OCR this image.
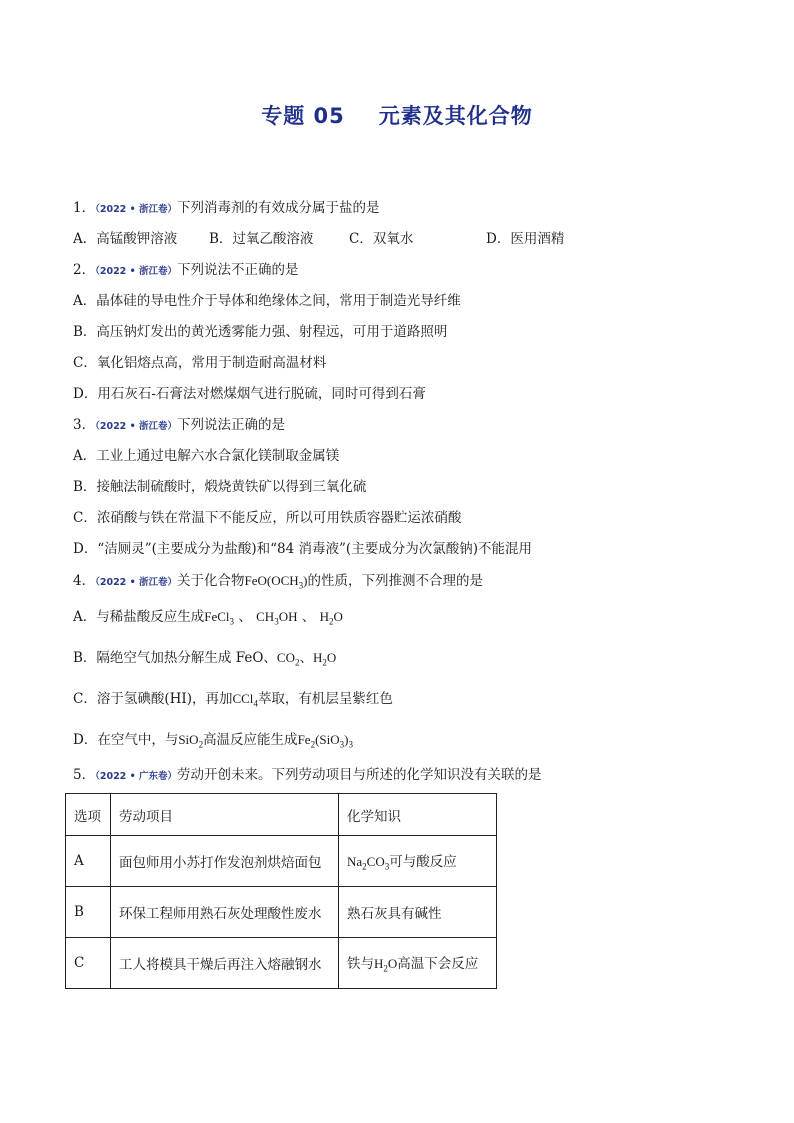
专题 05 元素及其化合物
1．（2022 • 浙江卷）下列消毒剂的有效成分属于盐的是
A．高锰酸钾溶液 B．过氧乙酸溶液	C．双氧水	D．医用酒精
2．（2022 • 浙江卷）下列说法不正确的是
A．晶体硅的导电性介于导体和绝缘体之间，常用于制造光导纤维
B．高压钠灯发出的黄光透雾能力强、射程远，可用于道路照明
C．氧化铝熔点高，常用于制造耐高温材料
D．用石灰石-石膏法对燃煤烟气进行脱硫，同时可得到石膏
3．（2022 • 浙江卷）下列说法正确的是
A．工业上通过电解六水合氯化镁制取金属镁
B．接触法制硫酸时，煅烧黄铁矿以得到三氧化硫
C．浓硝酸与铁在常温下不能反应，所以可用铁质容器贮运浓硝酸
D．“洁厕灵”(主要成分为盐酸)和“84 消毒液”(主要成分为次氯酸钠)不能混用
4．（2022 • 浙江卷）关于化合物$FeO(OCH_3)$的性质，下列推测不合理的是
A．与稀盐酸反应生成FeCl$_3$ 、 $CH_3OH$ 、 $H_2O$
B．隔绝空气加热分解生成 FeO、$CO_2$、$H_2O$
C．溶于氢碘酸(HI)，再加CCl$_4$萃取，有机层呈紫红色
D．在空气中，与SiO$_2$高温反应能生成$Fe_2(SiO_3)_3$
5．（2022 • 广东卷）劳动开创未来。下列劳动项目与所述的化学知识没有关联的是
选项	劳动项目	化学知识
A	面包师用小苏打作发泡剂烘焙面包	$Na_2CO_3$可与酸反应
B	环保工程师用熟石灰处理酸性废水	熟石灰具有碱性
C	工人将模具干燥后再注入熔融钢水	铁与$H_2O$高温下会反应
